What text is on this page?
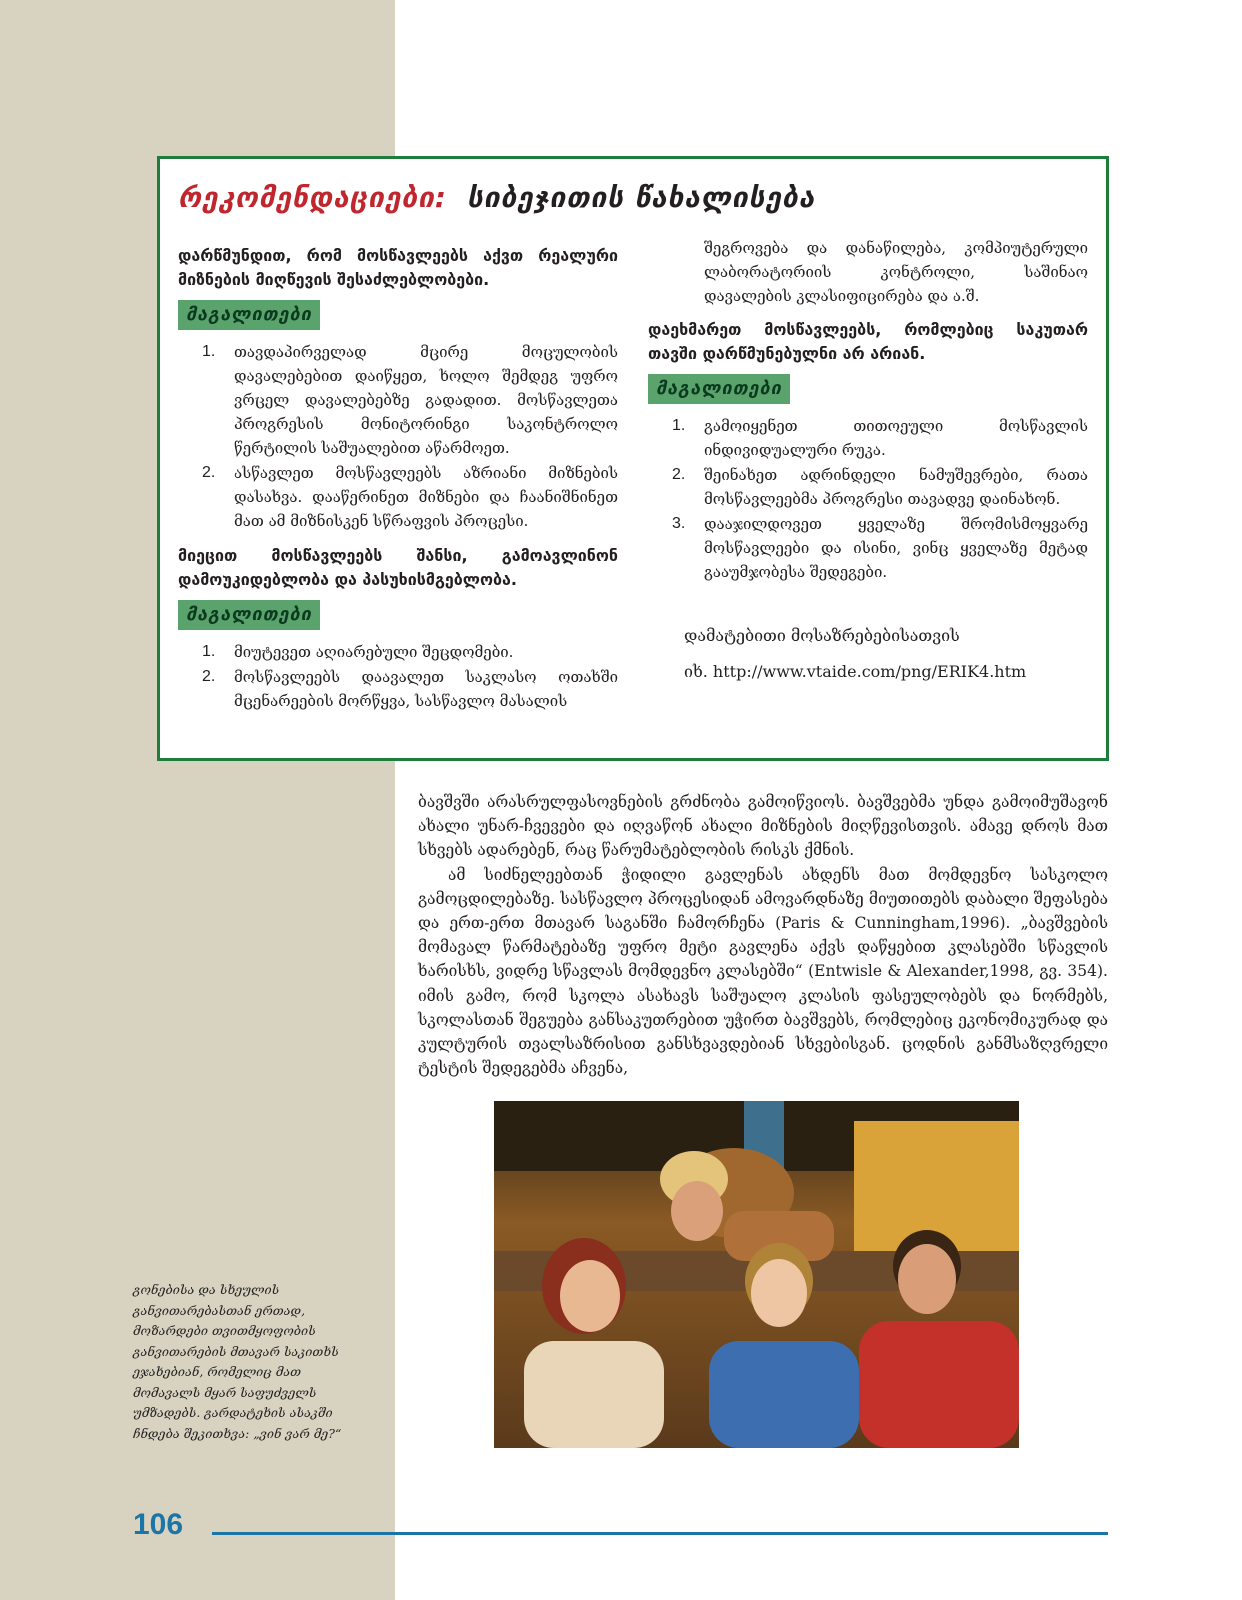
რეკომენდაციები: სიბეჯითის წახალისება
დარწმუნდით, რომ მოსწავლეებს აქვთ რეალური მიზნების მიღწევის შესაძლებლობები.
მაგალითები
1. თავდაპირველად მცირე მოცულობის დავალებებით დაიწყეთ, ხოლო შემდეგ უფრო ვრცელ დავალებებზე გადადით. მოსწავლეთა პროგრესის მონიტორინგი საკონტროლო წერტილის საშუალებით აწარმოეთ.
2. ასწავლეთ მოსწავლეებს აზრიანი მიზნების დასახვა. დააწერინეთ მიზნები და ჩაანიშნინეთ მათ ამ მიზნისკენ სწრაფვის პროცესი.
მიეცით მოსწავლეებს შანსი, გამოავლინონ დამოუკიდებლობა და პასუხისმგებლობა.
მაგალითები
1. მიუტევეთ აღიარებული შეცდომები.
2. მოსწავლეებს დაავალეთ საკლასო ოთახში მცენარეების მორწყვა, სასწავლო მასალის
შეგროვება და დანაწილება, კომპიუტერული ლაბორატორიის კონტროლი, საშინაო დავალების კლასიფიცირება და ა.შ.
დაეხმარეთ მოსწავლეებს, რომლებიც საკუთარ თავში დარწმუნებულნი არ არიან.
მაგალითები
1. გამოიყენეთ თითოეული მოსწავლის ინდივიდუალური რუკა.
2. შეინახეთ ადრინდელი ნამუშევრები, რათა მოსწავლეებმა პროგრესი თავადვე დაინახონ.
3. დააჯილდოვეთ ყველაზე შრომისმოყვარე მოსწავლეები და ისინი, ვინც ყველაზე მეტად გააუმჯობესა შედეგები.
დამატებითი მოსაზრებებისათვის
იხ. http://www.vtaide.com/png/ERIK4.htm

ბავშვში არასრულფასოვნების გრძნობა გამოიწვიოს. ბავშვებმა უნდა გამოიმუშავონ ახალი უნარ-ჩვევები და იღვაწონ ახალი მიზნების მიღწევისთვის. ამავე დროს მათ სხვებს ადარებენ, რაც წარუმატებლობის რისკს ქმნის.

ამ სიძნელეებთან ჭიდილი გავლენას ახდენს მათ მომდევნო სასკოლო გამოცდილებაზე. სასწავლო პროცესიდან ამოვარდნაზე მიუთითებს დაბალი შეფასება და ერთ-ერთ მთავარ საგანში ჩამორჩენა (Paris & Cunningham,1996). „ბავშვების მომავალ წარმატებაზე უფრო მეტი გავლენა აქვს დაწყებით კლასებში სწავლის ხარისხს, ვიდრე სწავლას მომდევნო კლასებში“ (Entwisle & Alexander,1998, გვ. 354). იმის გამო, რომ სკოლა ასახავს საშუალო კლასის ფასეულობებს და ნორმებს, სკოლასთან შეგუება განსაკუთრებით უჭირთ ბავშვებს, რომლებიც ეკონომიკურად და კულტურის თვალსაზრისით განსხვავდებიან სხვებისგან. ცოდნის განმსაზღვრელი ტესტის შედეგებმა აჩვენა,

გონებისა და სხეულის განვითარებასთან ერთად, მოზარდები თვითმყოფობის განვითარების მთავარ საკითხს ეჯახებიან, რომელიც მათ მომავალს მყარ საფუძველს უმზადებს. გარდატეხის ასაკში ჩნდება შეკითხვა: „ვინ ვარ მე?“
106
